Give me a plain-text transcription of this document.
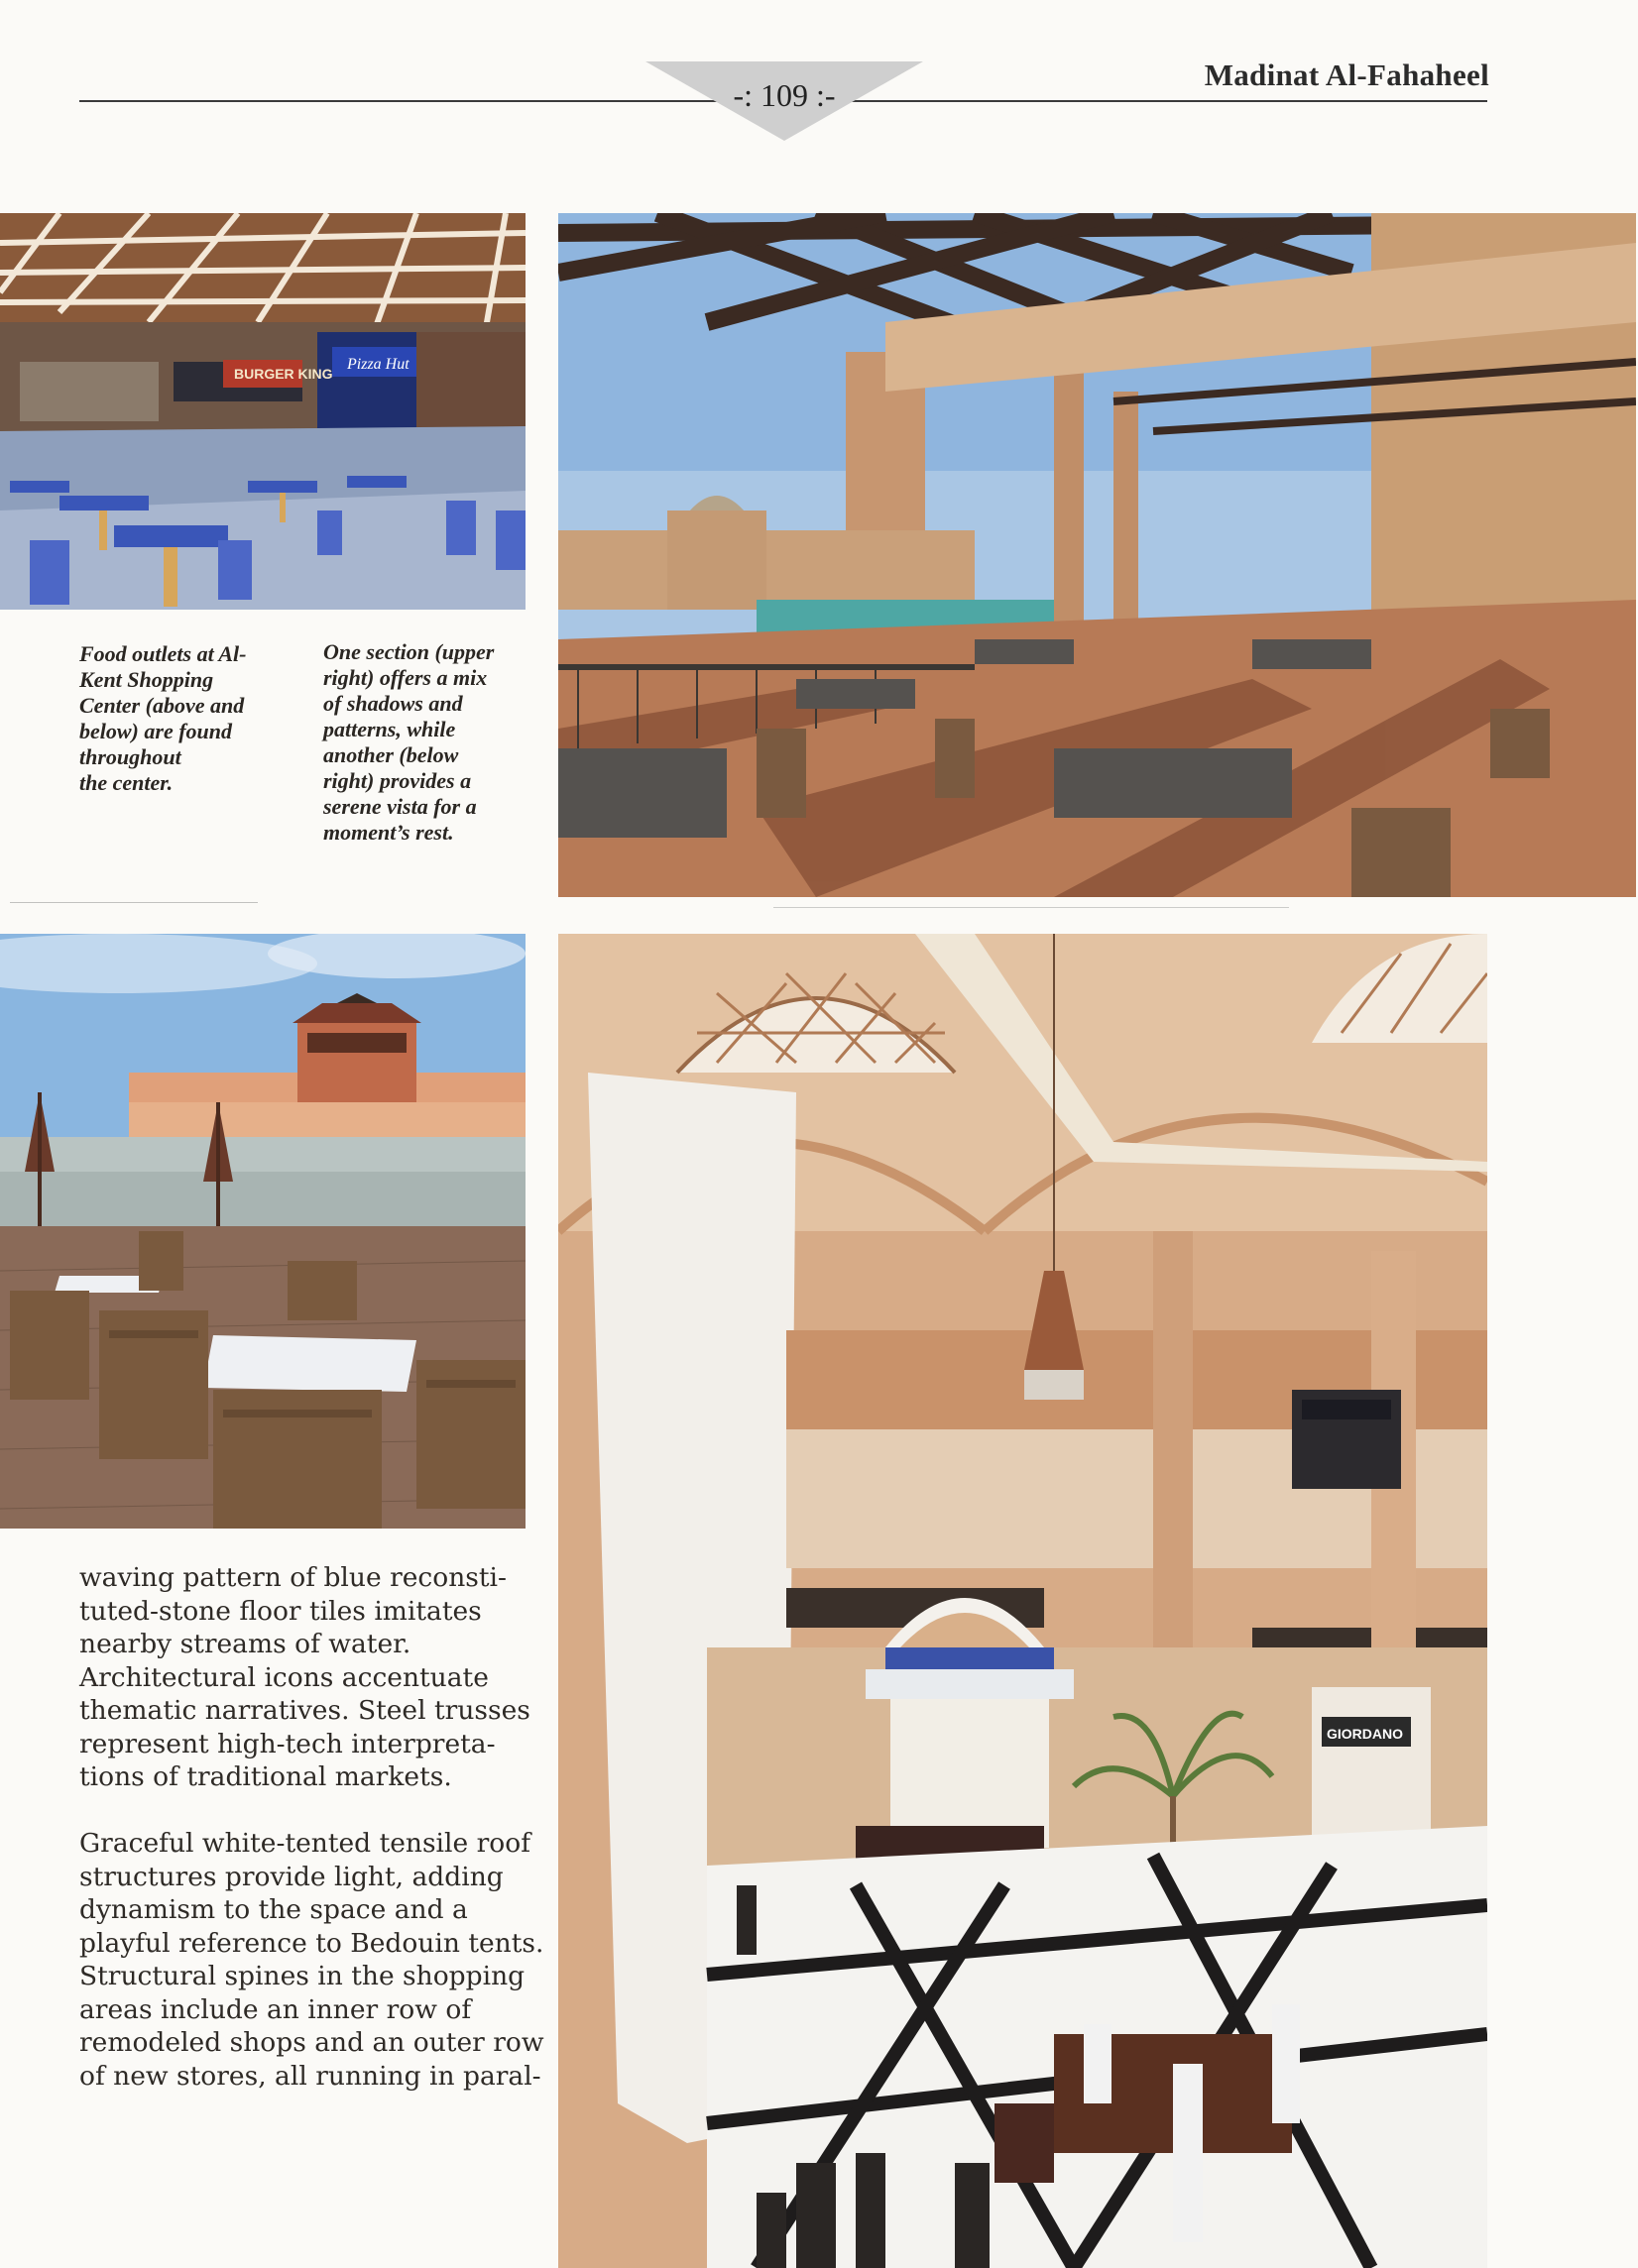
-: 109 :-
Madinat Al-Fahaheel
BURGER KING
Pizza Hut
Food outlets at Al-
Kent Shopping
Center (above and
below) are found
throughout
the center.
One section (upper
right) offers a mix
of shadows and
patterns, while
another (below
right) provides a
serene vista for a
moment’s rest.
GIORDANO
waving pattern of blue reconsti-
tuted-stone floor tiles imitates
nearby streams of water.
Architectural icons accentuate
thematic narratives. Steel trusses
represent high-tech interpreta-
tions of traditional markets.
Graceful white-tented tensile roof
structures provide light, adding
dynamism to the space and a
playful reference to Bedouin tents.
Structural spines in the shopping
areas include an inner row of
remodeled shops and an outer row
of new stores, all running in paral-
